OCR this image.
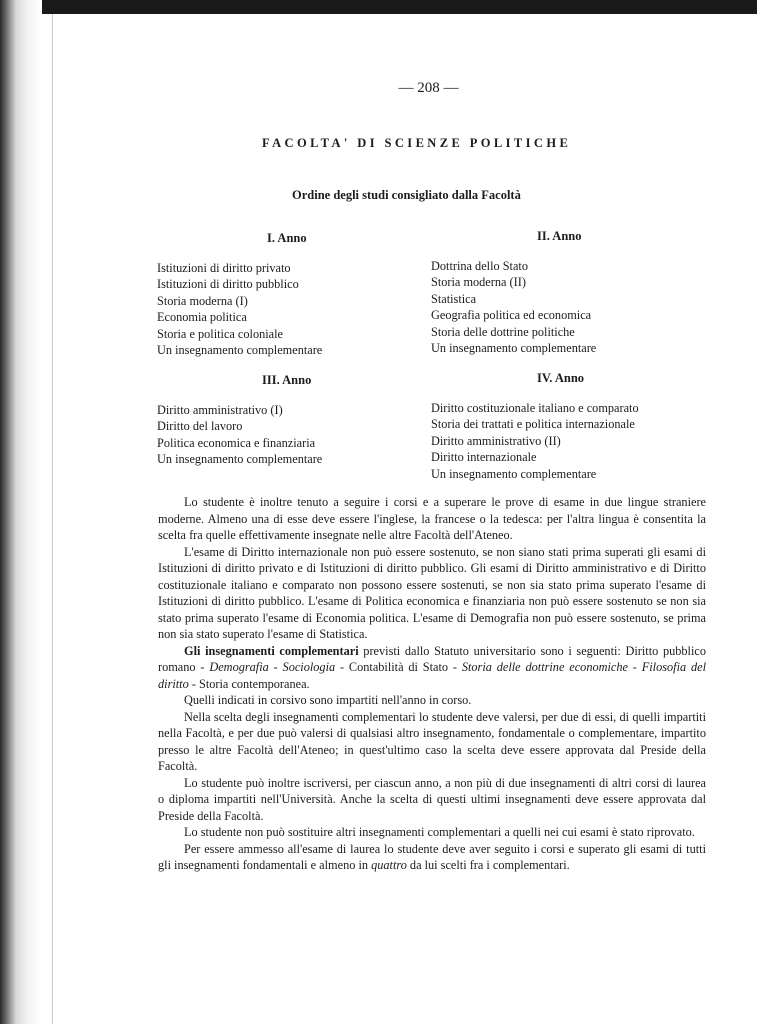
— 208 —
FACOLTA' DI SCIENZE POLITICHE
Ordine degli studi consigliato dalla Facoltà
I. Anno
Istituzioni di diritto privato
Istituzioni di diritto pubblico
Storia moderna (I)
Economia politica
Storia e politica coloniale
Un insegnamento complementare
II. Anno
Dottrina dello Stato
Storia moderna (II)
Statistica
Geografia politica ed economica
Storia delle dottrine politiche
Un insegnamento complementare
III. Anno
Diritto amministrativo (I)
Diritto del lavoro
Politica economica e finanziaria
Un insegnamento complementare
IV. Anno
Diritto costituzionale italiano e comparato
Storia dei trattati e politica internazionale
Diritto amministrativo (II)
Diritto internazionale
Un insegnamento complementare

Lo studente è inoltre tenuto a seguire i corsi e a superare le prove di esame in due lingue straniere moderne. Almeno una di esse deve essere l'inglese, la francese o la tedesca: per l'altra lingua è consentita la scelta fra quelle effettivamente insegnate nelle altre Facoltà dell'Ateneo.

L'esame di Diritto internazionale non può essere sostenuto, se non siano stati prima superati gli esami di Istituzioni di diritto privato e di Istituzioni di diritto pubblico. Gli esami di Diritto amministrativo e di Diritto costituzionale italiano e comparato non possono essere sostenuti, se non sia stato prima superato l'esame di Istituzioni di diritto pubblico. L'esame di Politica economica e finanziaria non può essere sostenuto se non sia stato prima superato l'esame di Economia politica. L'esame di Demografia non può essere sostenuto, se prima non sia stato superato l'esame di Statistica.

Gli insegnamenti complementari previsti dallo Statuto universitario sono i seguenti: Diritto pubblico romano - Demografia - Sociologia - Contabilità di Stato - Storia delle dottrine economiche - Filosofia del diritto - Storia contemporanea.

Quelli indicati in corsivo sono impartiti nell'anno in corso.

Nella scelta degli insegnamenti complementari lo studente deve valersi, per due di essi, di quelli impartiti nella Facoltà, e per due può valersi di qualsiasi altro insegnamento, fondamentale o complementare, impartito presso le altre Facoltà dell'Ateneo; in quest'ultimo caso la scelta deve essere approvata dal Preside della Facoltà.

Lo studente può inoltre iscriversi, per ciascun anno, a non più di due insegnamenti di altri corsi di laurea o diploma impartiti nell'Università. Anche la scelta di questi ultimi insegnamenti deve essere approvata dal Preside della Facoltà.

Lo studente non può sostituire altri insegnamenti complementari a quelli nei cui esami è stato riprovato.

Per essere ammesso all'esame di laurea lo studente deve aver seguito i corsi e superato gli esami di tutti gli insegnamenti fondamentali e almeno in quattro da lui scelti fra i complementari.
